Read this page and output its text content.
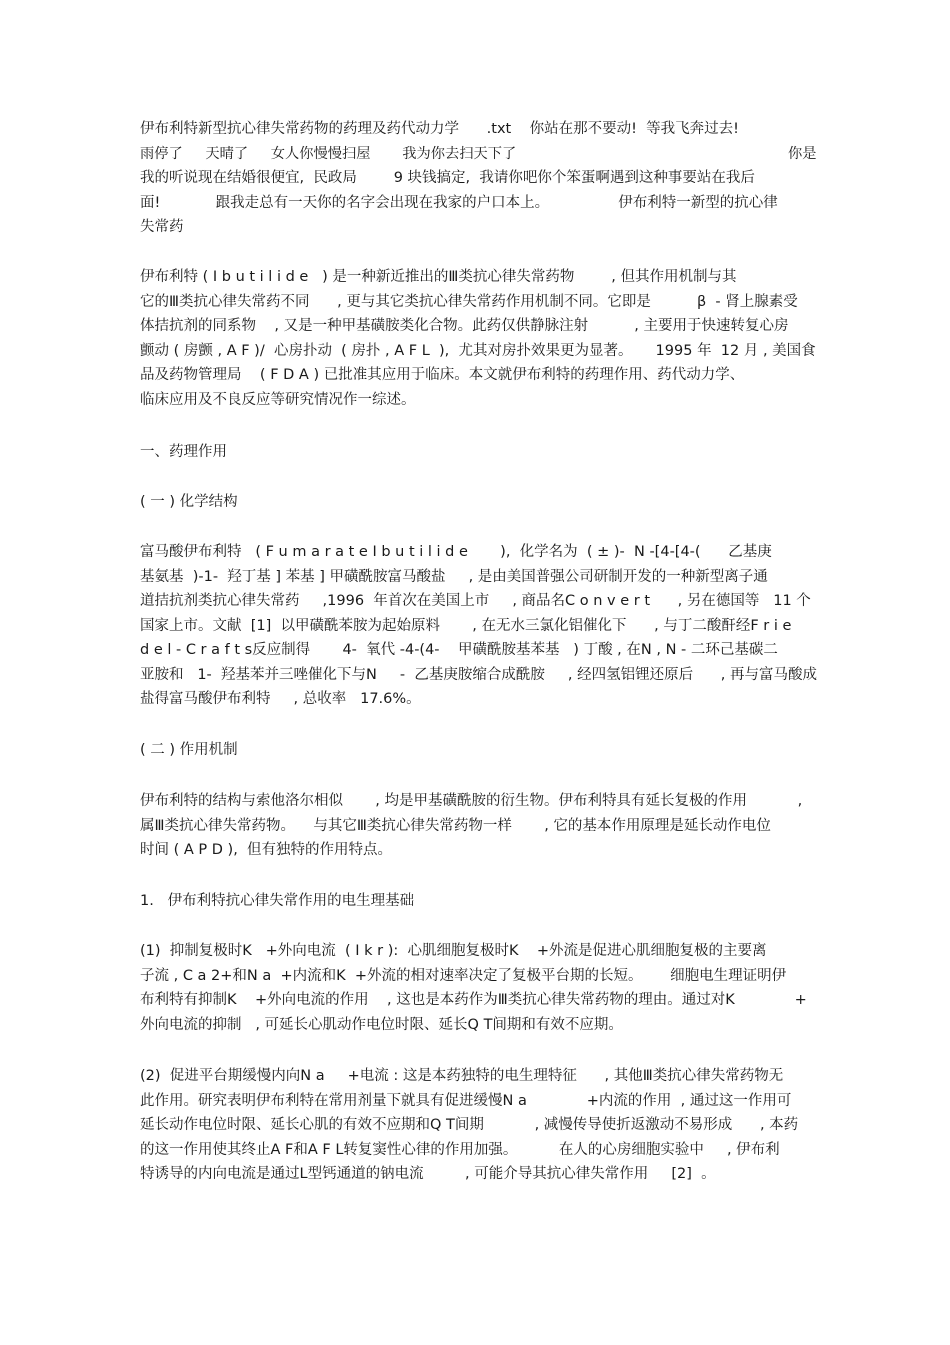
伊布利特新型抗心律失常药物的药理及药代动力学      .txt    你站在那不要动!  等我飞奔过去!
雨停了     天晴了     女人你慢慢扫屋       我为你去扫天下了                                                            你是
我的听说现在结婚很便宜,  民政局        9 块钱搞定,  我请你吧你个笨蛋啊遇到这种事要站在我后
面!            跟我走总有一天你的名字会出现在我家的户口本上。               伊布利特一新型的抗心律
失常药
伊布利特 ( I b u t i l i d e   ) 是一种新近推出的Ⅲ类抗心律失常药物        , 但其作用机制与其
它的Ⅲ类抗心律失常药不同      , 更与其它类抗心律失常药作用机制不同。它即是          β  - 肾上腺素受
体拮抗剂的同系物    , 又是一种甲基磺胺类化合物。此药仅供静脉注射          , 主要用于快速转复心房
颤动 ( 房颤 , A F )/  心房扑动  ( 房扑 , A F L  ),  尤其对房扑效果更为显著。     1995 年  12 月 , 美国食
品及药物管理局    ( F D A ) 已批准其应用于临床。本文就伊布利特的药理作用、药代动力学、
临床应用及不良反应等研究情况作一综述。
一、药理作用
( 一 ) 化学结构
富马酸伊布利特   ( F u m a r a t e I b u t i l i d e       ),  化学名为  ( ± )-  N -[4-[4-(      乙基庚
基氨基  )-1-  羟丁基 ] 苯基 ] 甲磺酰胺富马酸盐     , 是由美国普强公司研制开发的一种新型离子通
道拮抗剂类抗心律失常药     ,1996  年首次在美国上市     , 商品名C o n v e r t      , 另在德国等   11 个
国家上市。文献  [1]  以甲磺酰苯胺为起始原料       , 在无水三氯化铝催化下      , 与丁二酸酐经F r i e
d e l - C r a f t s反应制得       4-  氧代 -4-(4-    甲磺酰胺基苯基   ) 丁酸 , 在N , N - 二环己基碳二
亚胺和   1-  羟基苯并三唑催化下与N     -  乙基庚胺缩合成酰胺     , 经四氢铝锂还原后      , 再与富马酸成
盐得富马酸伊布利特     , 总收率   17.6%。
( 二 ) 作用机制
伊布利特的结构与索他洛尔相似       , 均是甲基磺酰胺的衍生物。伊布利特具有延长复极的作用           ,
属Ⅲ类抗心律失常药物。    与其它Ⅲ类抗心律失常药物一样       , 它的基本作用原理是延长动作电位
时间 ( A P D ),  但有独特的作用特点。
1.   伊布利特抗心律失常作用的电生理基础
(1)  抑制复极时K   +外向电流  ( I k r ):  心肌细胞复极时K    +外流是促进心肌细胞复极的主要离
子流 , C a 2+和N a  +内流和K  +外流的相对速率决定了复极平台期的长短。      细胞电生理证明伊
布利特有抑制K    +外向电流的作用    , 这也是本药作为Ⅲ类抗心律失常药物的理由。通过对K             +
外向电流的抑制   , 可延长心肌动作电位时限、延长Q T间期和有效不应期。
(2)  促进平台期缓慢内向N a     +电流 : 这是本药独特的电生理特征      , 其他Ⅲ类抗心律失常药物无
此作用。研究表明伊布利特在常用剂量下就具有促进缓慢N a             +内流的作用  , 通过这一作用可
延长动作电位时限、延长心肌的有效不应期和Q T间期           , 减慢传导使折返激动不易形成      , 本药
的这一作用使其终止A F和A F L转复窦性心律的作用加强。         在人的心房细胞实验中     , 伊布利
特诱导的内向电流是通过L型钙通道的钠电流         , 可能介导其抗心律失常作用     [2]  。
